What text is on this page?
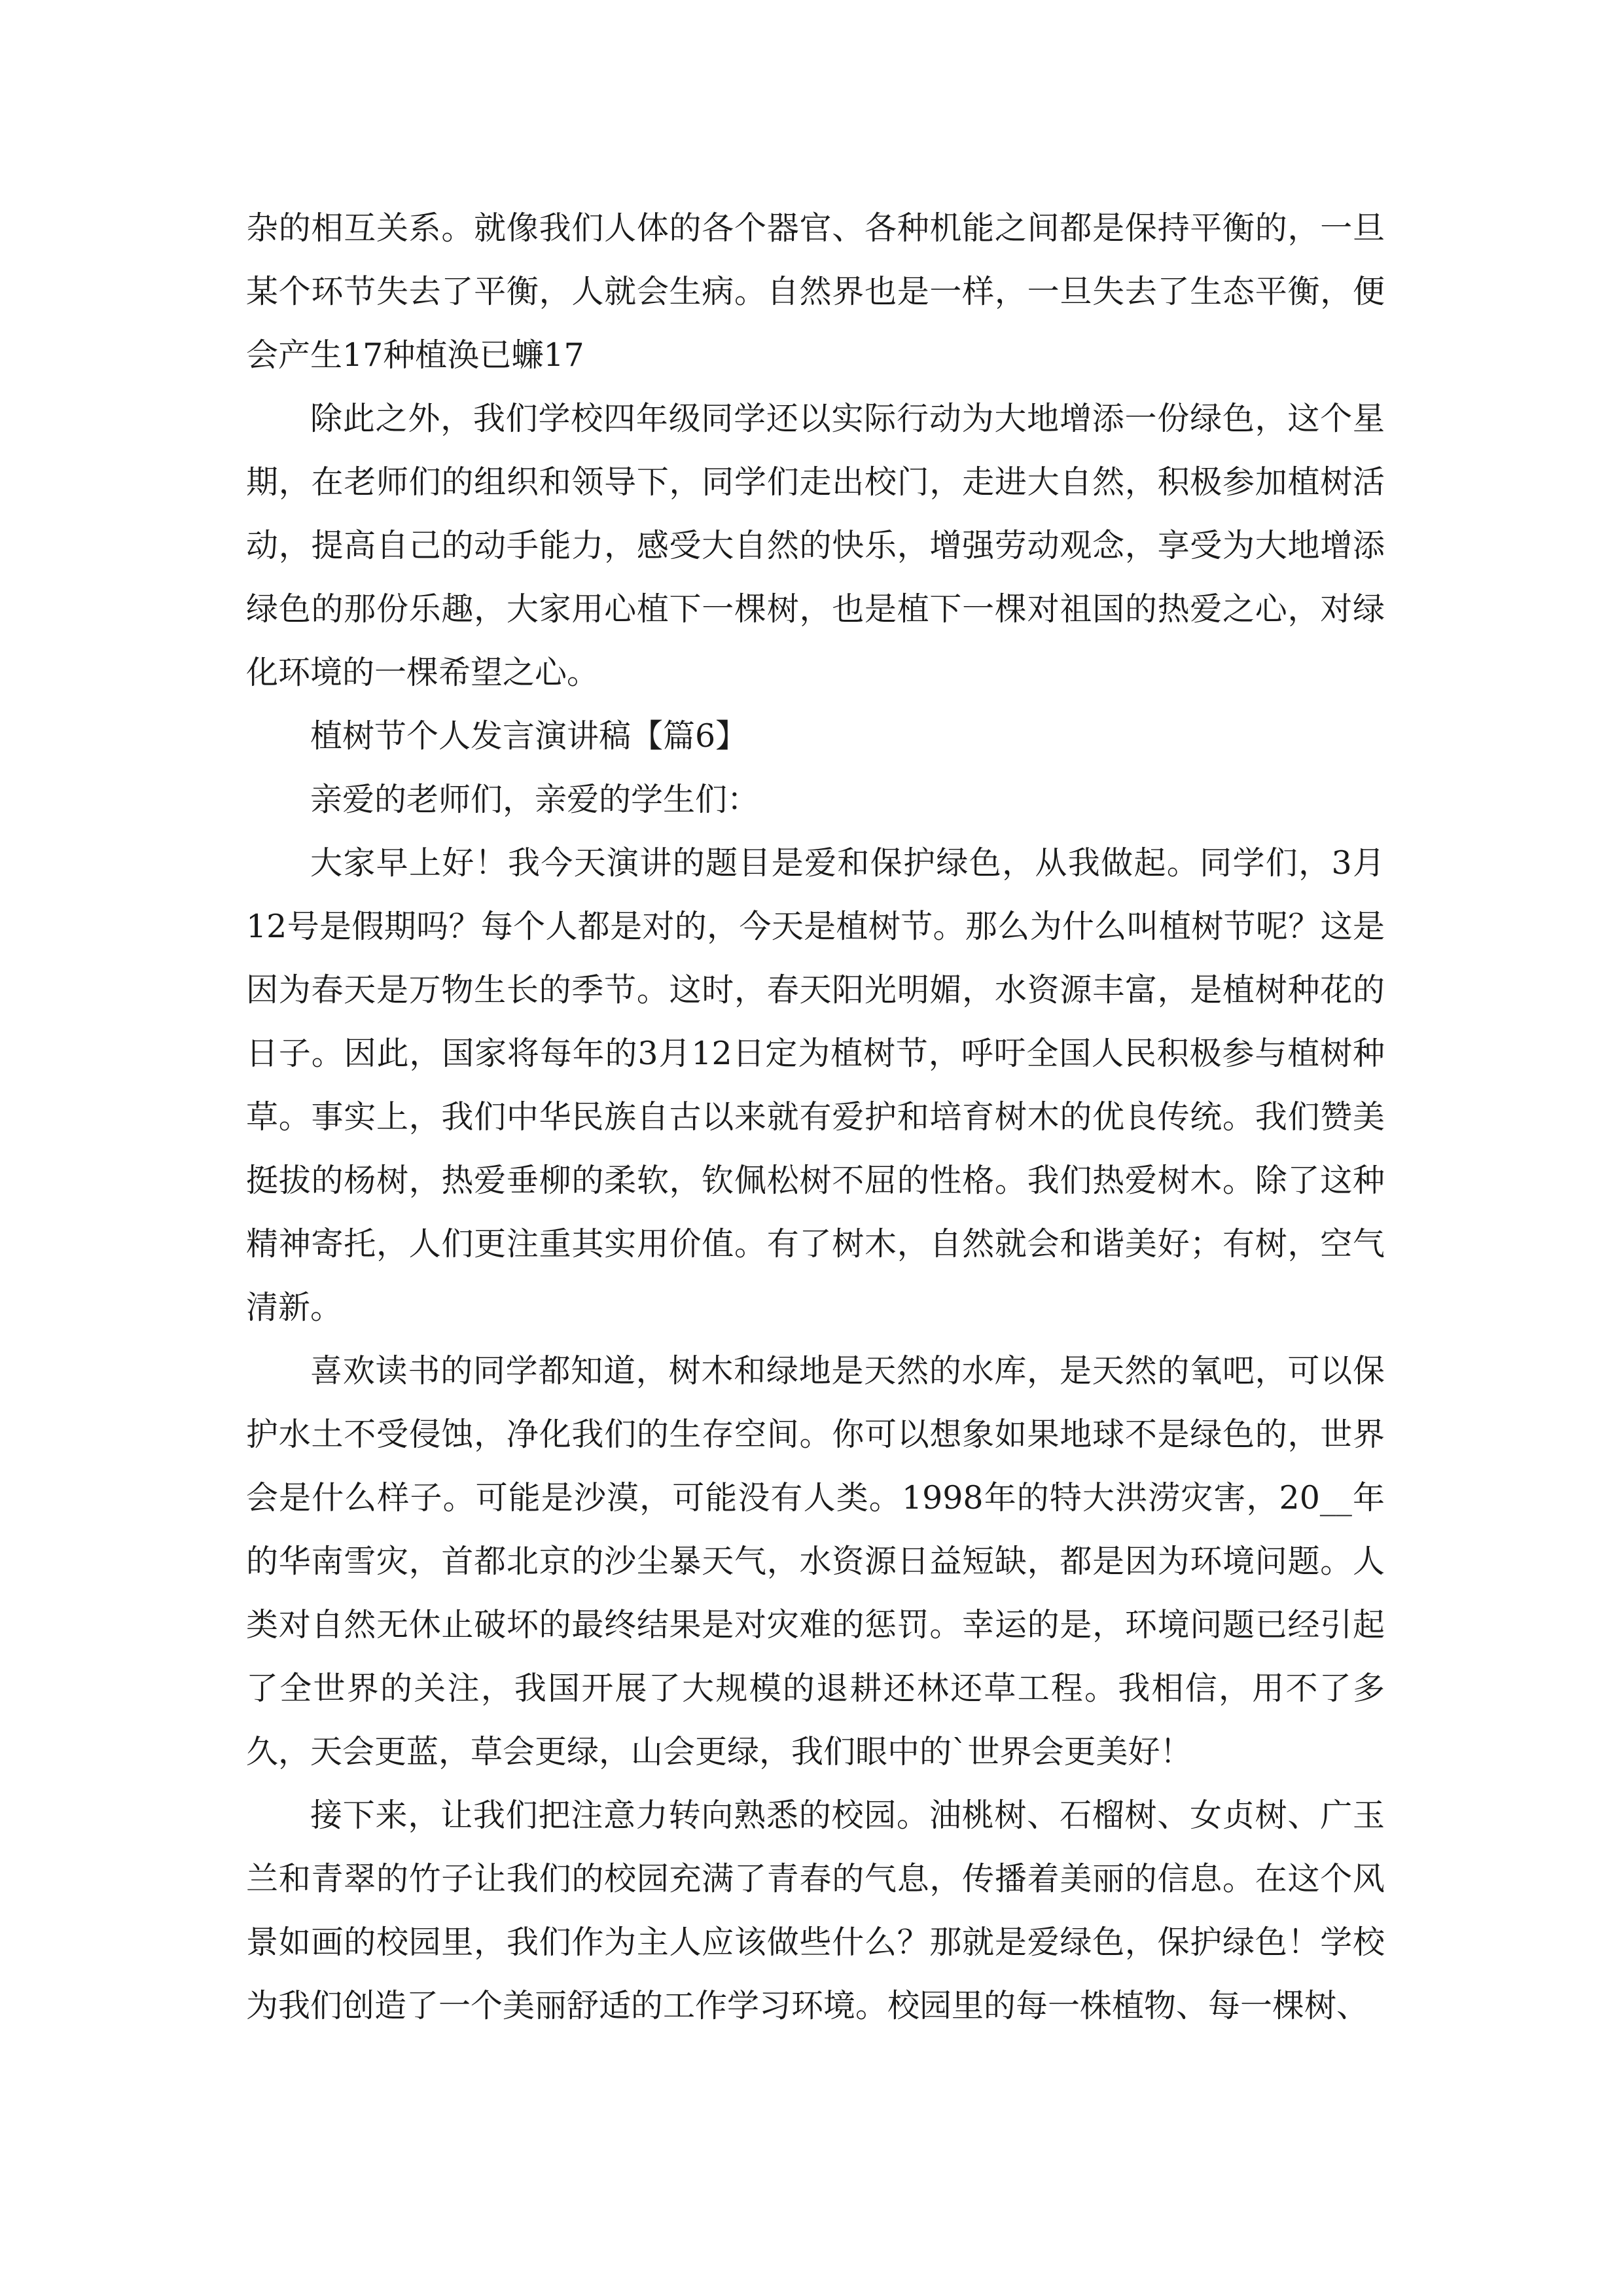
杂的相互关系。就像我们人体的各个器官、各种机能之间都是保持平衡的，一旦某个环节失去了平衡，人就会生病。自然界也是一样，一旦失去了生态平衡，便会产生17种植涣已蠊17

除此之外，我们学校四年级同学还以实际行动为大地增添一份绿色，这个星期，在老师们的组织和领导下，同学们走出校门，走进大自然，积极参加植树活动，提高自己的动手能力，感受大自然的快乐，增强劳动观念，享受为大地增添绿色的那份乐趣，大家用心植下一棵树，也是植下一棵对祖国的热爱之心，对绿化环境的一棵希望之心。

植树节个人发言演讲稿【篇6】

亲爱的老师们，亲爱的学生们：

大家早上好！我今天演讲的题目是爱和保护绿色，从我做起。同学们，3月12号是假期吗？每个人都是对的，今天是植树节。那么为什么叫植树节呢？这是因为春天是万物生长的季节。这时，春天阳光明媚，水资源丰富，是植树种花的日子。因此，国家将每年的3月12日定为植树节，呼吁全国人民积极参与植树种草。事实上，我们中华民族自古以来就有爱护和培育树木的优良传统。我们赞美挺拔的杨树，热爱垂柳的柔软，钦佩松树不屈的性格。我们热爱树木。除了这种精神寄托，人们更注重其实用价值。有了树木，自然就会和谐美好；有树，空气清新。

喜欢读书的同学都知道，树木和绿地是天然的水库，是天然的氧吧，可以保护水土不受侵蚀，净化我们的生存空间。你可以想象如果地球不是绿色的，世界会是什么样子。可能是沙漠，可能没有人类。1998年的特大洪涝灾害，20__年的华南雪灾，首都北京的沙尘暴天气，水资源日益短缺，都是因为环境问题。人类对自然无休止破坏的最终结果是对灾难的惩罚。幸运的是，环境问题已经引起了全世界的关注，我国开展了大规模的退耕还林还草工程。我相信，用不了多久，天会更蓝，草会更绿，山会更绿，我们眼中的`世界会更美好！

接下来，让我们把注意力转向熟悉的校园。油桃树、石榴树、女贞树、广玉兰和青翠的竹子让我们的校园充满了青春的气息，传播着美丽的信息。在这个风景如画的校园里，我们作为主人应该做些什么？那就是爱绿色，保护绿色！学校为我们创造了一个美丽舒适的工作学习环境。校园里的每一株植物、每一棵树、
